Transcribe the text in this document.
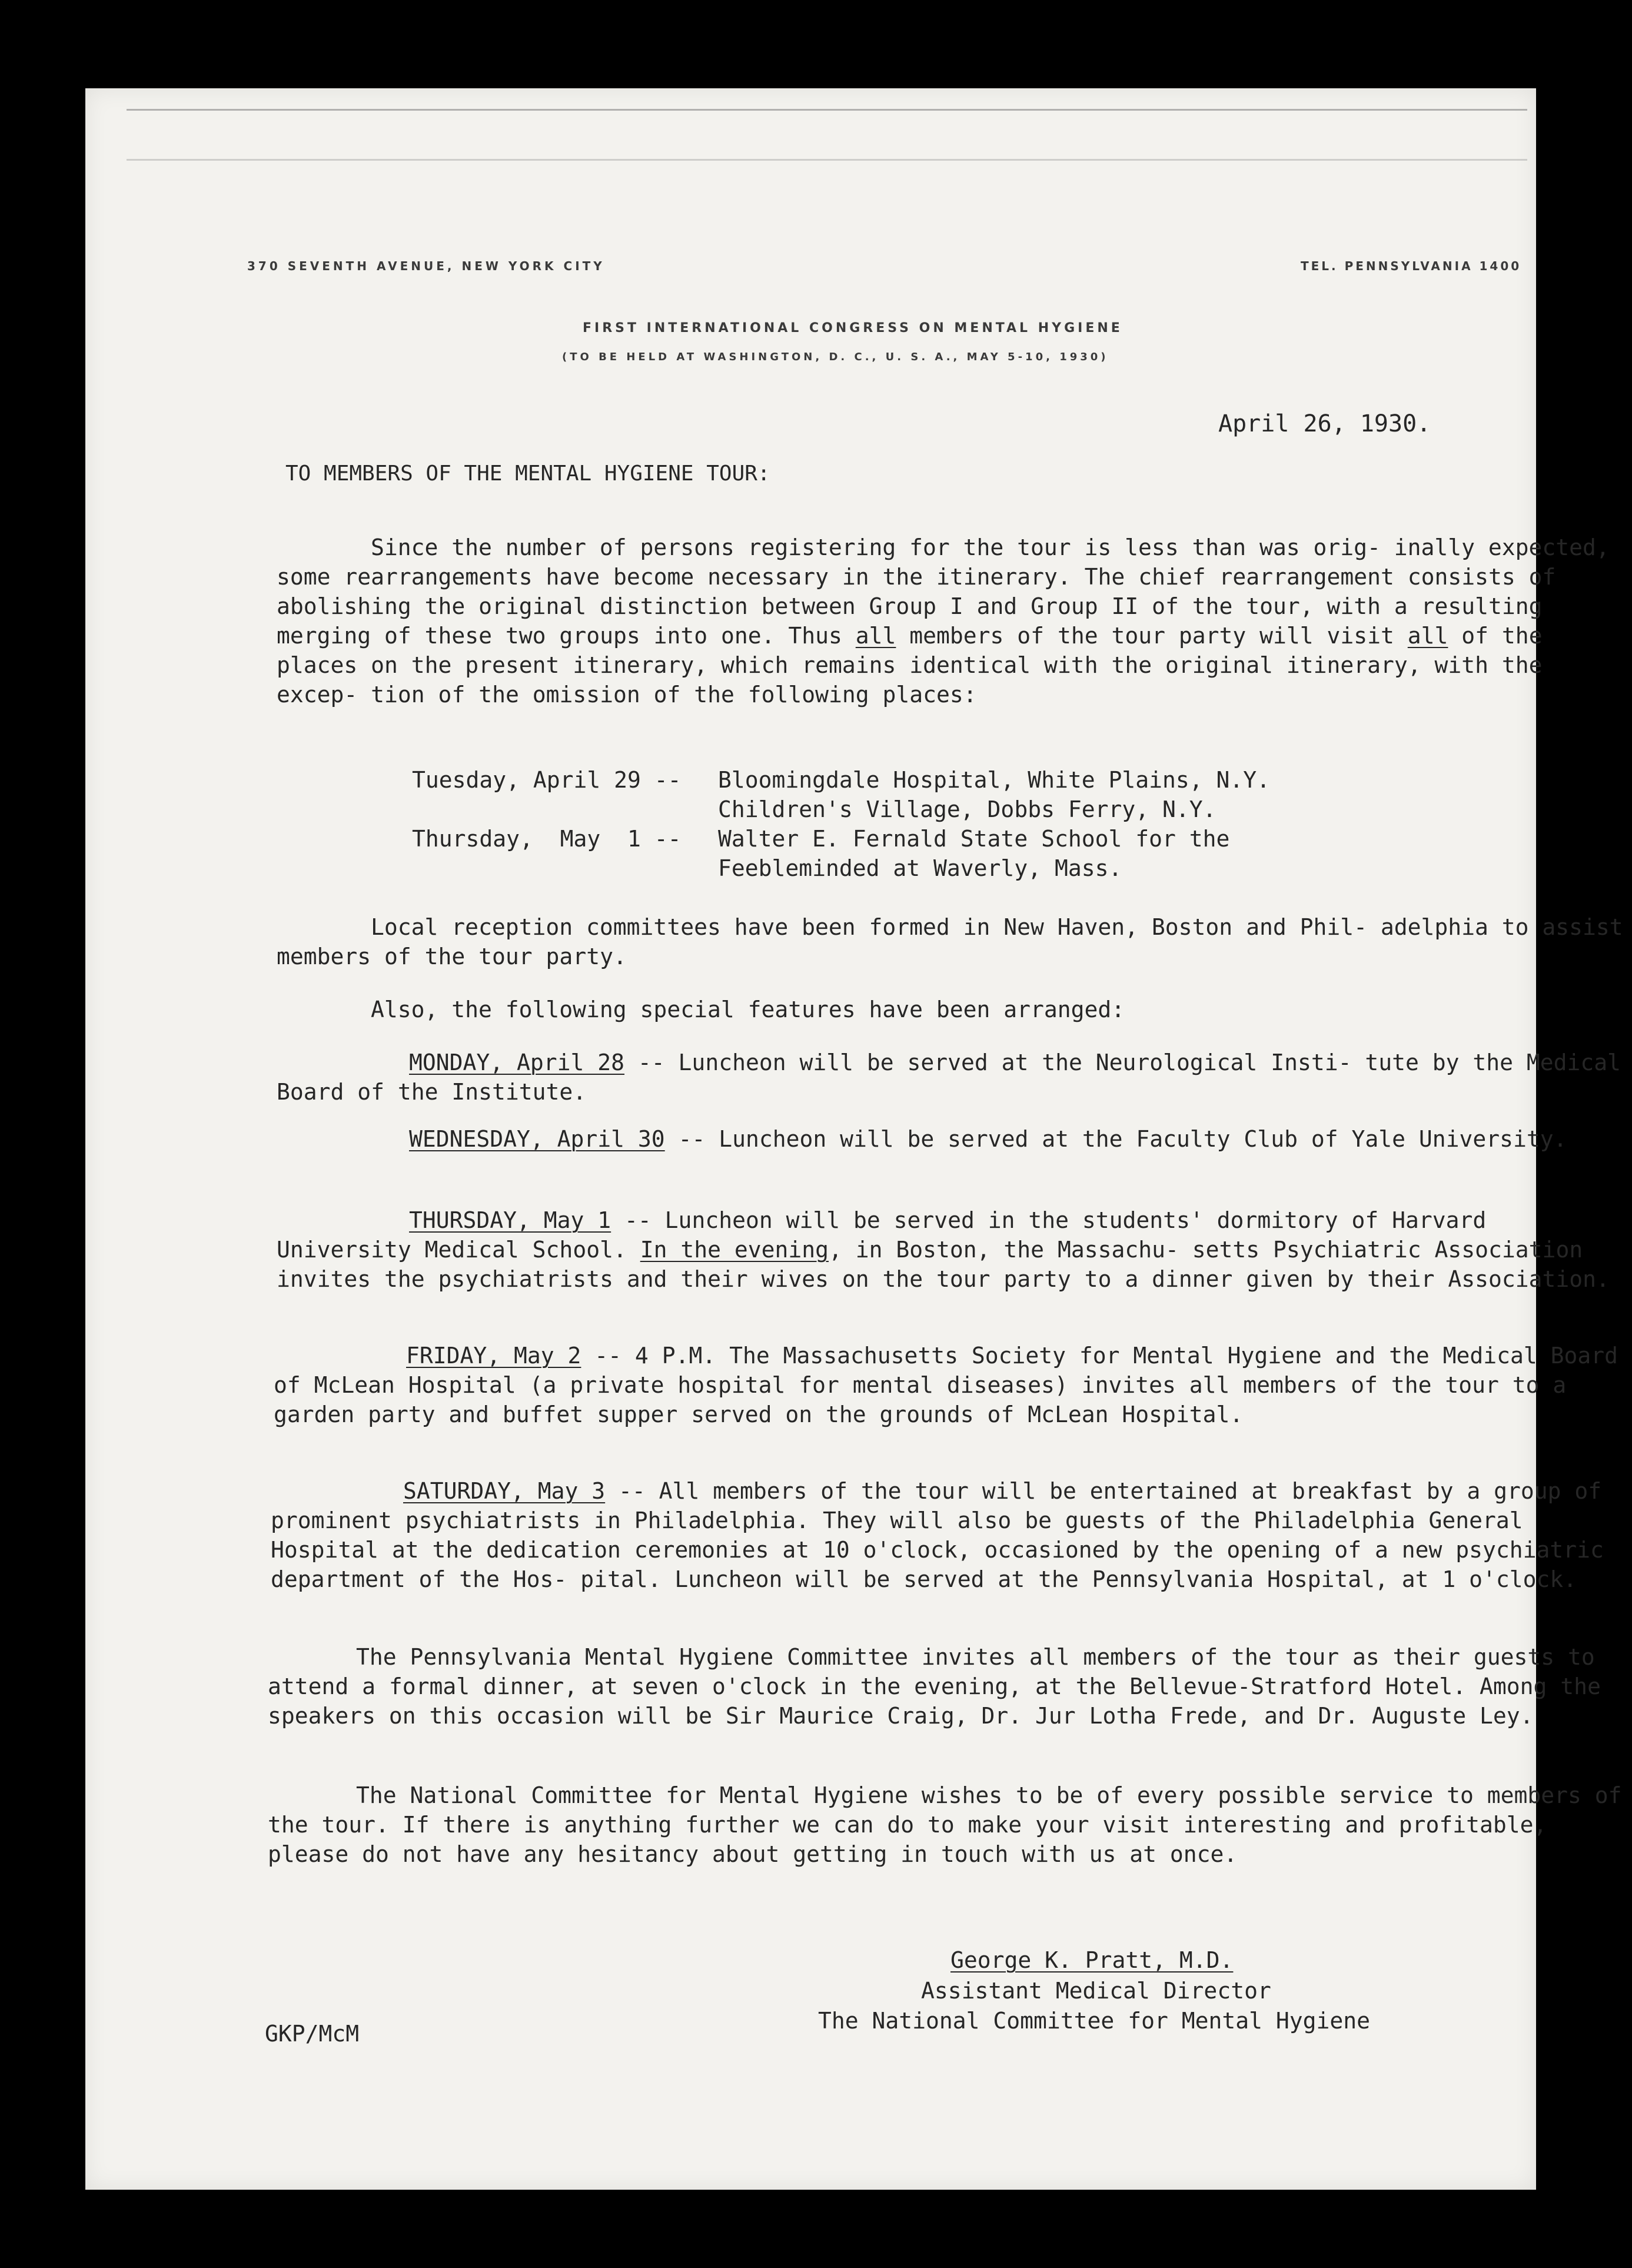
370 SEVENTH AVENUE, NEW YORK CITY	TEL. PENNSYLVANIA 1400
FIRST INTERNATIONAL CONGRESS ON MENTAL HYGIENE
(TO BE HELD AT WASHINGTON, D. C., U. S. A., MAY 5-10, 1930)
April 26, 1930.
TO MEMBERS OF THE MENTAL HYGIENE TOUR:
Since the number of persons registering for the tour is less than was orig- inally expected, some rearrangements have become necessary in the itinerary. The chief rearrangement consists of abolishing the original distinction between Group I and Group II of the tour, with a resulting merging of these two groups into one. Thus all members of the tour party will visit all of the places on the present itinerary, which remains identical with the original itinerary, with the excep- tion of the omission of the following places:
Tuesday, April 29 --	Bloomingdale Hospital, White Plains, N.Y.
Children's Village, Dobbs Ferry, N.Y.
Thursday,  May  1 --	Walter E. Fernald State School for the
Feebleminded at Waverly, Mass.
Local reception committees have been formed in New Haven, Boston and Phil- adelphia to assist members of the tour party.
Also, the following special features have been arranged:
MONDAY, April 28 -- Luncheon will be served at the Neurological Insti- tute by the Medical Board of the Institute.
WEDNESDAY, April 30 -- Luncheon will be served at the Faculty Club of Yale University.
THURSDAY, May 1 -- Luncheon will be served in the students' dormitory of Harvard University Medical School. In the evening, in Boston, the Massachu- setts Psychiatric Association invites the psychiatrists and their wives on the tour party to a dinner given by their Association.
FRIDAY, May 2 -- 4 P.M. The Massachusetts Society for Mental Hygiene and the Medical Board of McLean Hospital (a private hospital for mental diseases) invites all members of the tour to a garden party and buffet supper served on the grounds of McLean Hospital.
SATURDAY, May 3 -- All members of the tour will be entertained at breakfast by a group of prominent psychiatrists in Philadelphia. They will also be guests of the Philadelphia General Hospital at the dedication ceremonies at 10 o'clock, occasioned by the opening of a new psychiatric department of the Hos- pital. Luncheon will be served at the Pennsylvania Hospital, at 1 o'clock.
The Pennsylvania Mental Hygiene Committee invites all members of the tour as their guests to attend a formal dinner, at seven o'clock in the evening, at the Bellevue-Stratford Hotel. Among the speakers on this occasion will be Sir Maurice Craig, Dr. Jur Lotha Frede, and Dr. Auguste Ley.
The National Committee for Mental Hygiene wishes to be of every possible service to members of the tour. If there is anything further we can do to make your visit interesting and profitable, please do not have any hesitancy about getting in touch with us at once.
George K. Pratt, M.D.
Assistant Medical Director
The National Committee for Mental Hygiene
GKP/McM
